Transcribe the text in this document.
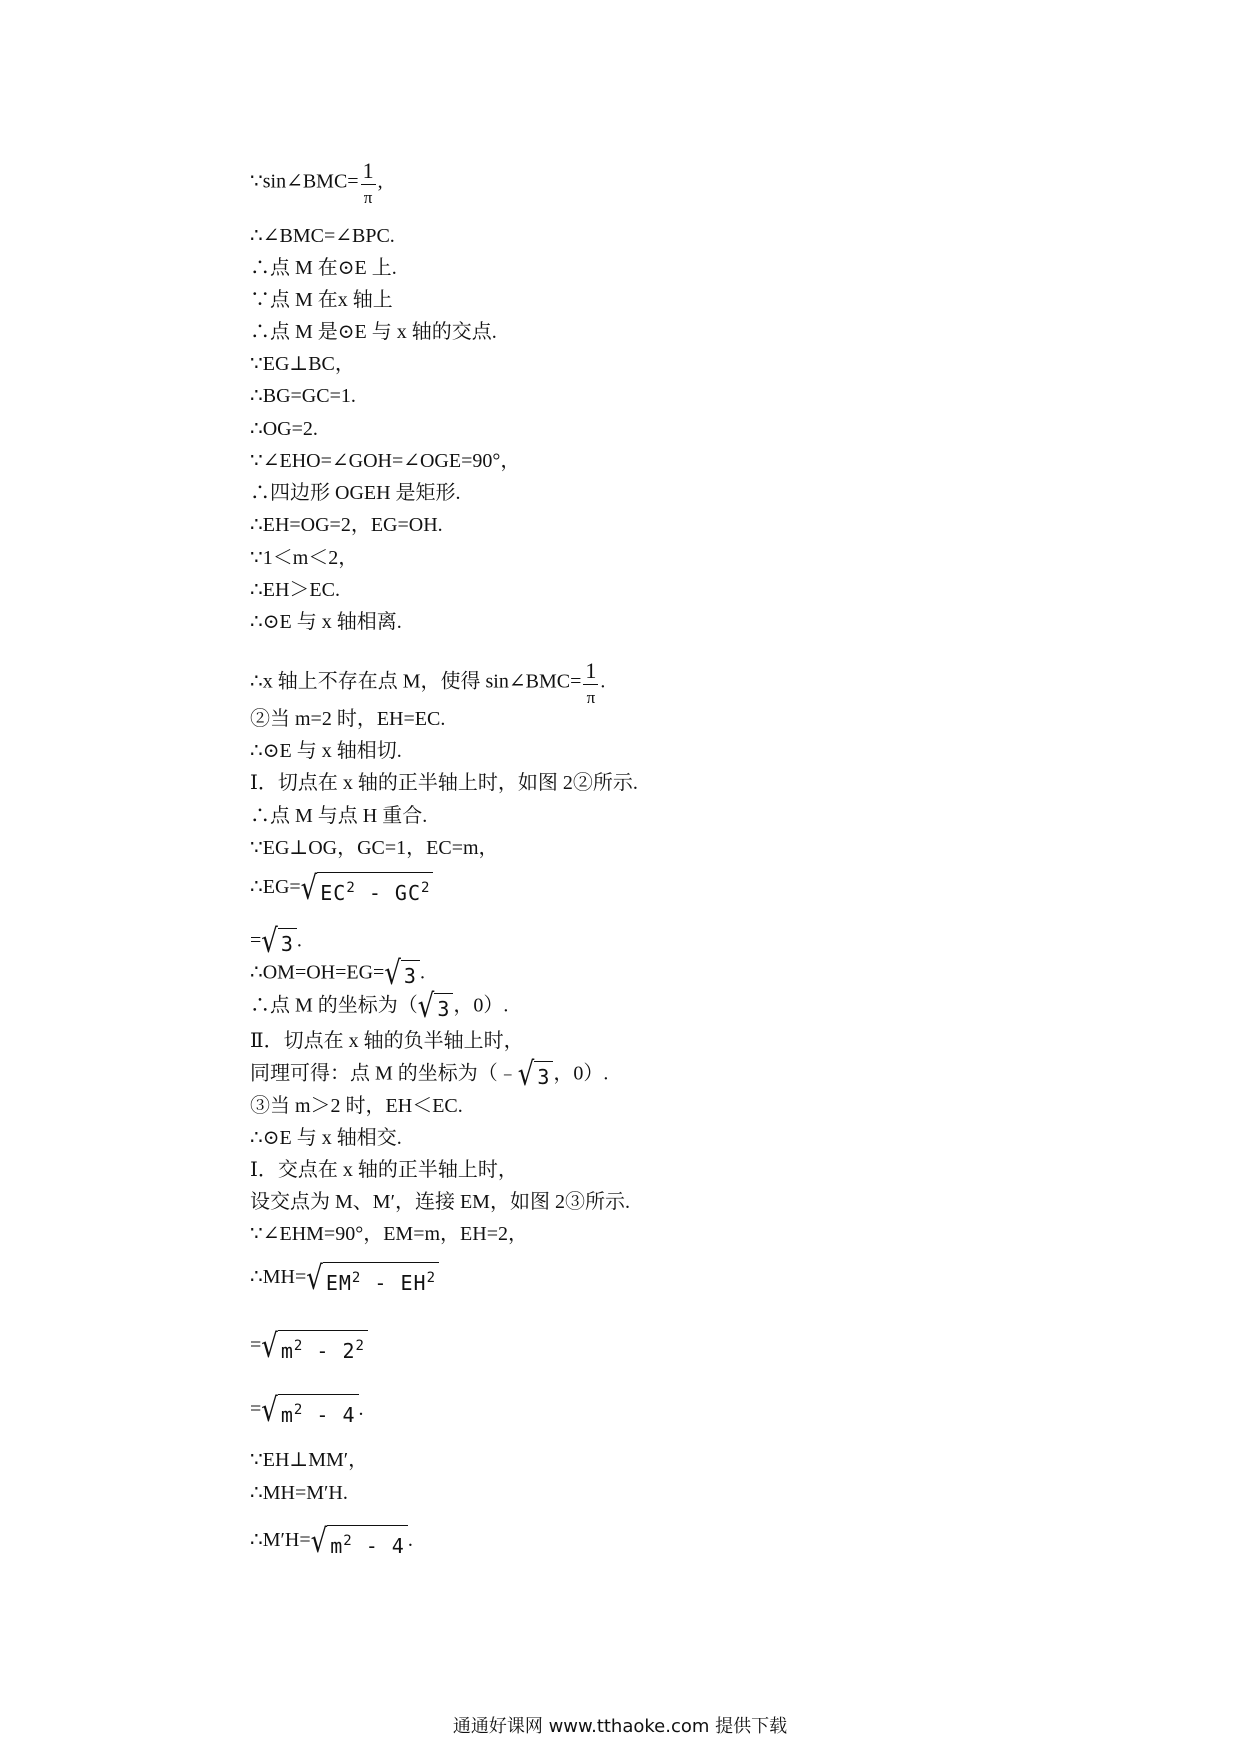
∴∠BMC=∠BPC.
∴点 M 在⊙E 上.
∵点 M 在x 轴上
∴点 M 是⊙E 与 x 轴的交点.
∵EG⊥BC，
∴BG=GC=1.
∴OG=2.
∵∠EHO=∠GOH=∠OGE=90°，
∴四边形 OGEH 是矩形.
∴EH=OG=2，EG=OH.
∵1＜m＜2，
∴EH＞EC.
∴⊙E 与 x 轴相离.
②当 m=2 时，EH=EC.
∴⊙E 与 x 轴相切.
Ⅰ．切点在 x 轴的正半轴上时，如图 2②所示.
∴点 M 与点 H 重合.
∵EG⊥OG，GC=1，EC=m，
Ⅱ．切点在 x 轴的负半轴上时，
③当 m＞2 时，EH＜EC.
∴⊙E 与 x 轴相交.
Ⅰ．交点在 x 轴的正半轴上时，
设交点为 M、M′，连接 EM，如图 2③所示.
∵∠EHM=90°，EM=m，EH=2，
∵EH⊥MM′，
∴MH=M′H.
∵sin∠BMC= $\frac{1}{\pi}$ ,
∴x 轴上不存在点 M，使得 sin∠BMC= $\frac{1}{\pi}$ .
∴EG=√ $EC^2 - GC^2$
=√ 3 .
∴OM=OH=EG=√ 3 .
∴点 M 的坐标为（√ 3 ，0）.
同理可得：点 M 的坐标为（﹣√ 3 ，0）.
∴MH=√ $EM^2 - EH^2$
=√ $m^2 - 2^2$
=√ $m^2 - 4$ .
∴M′H=√ $m^2 - 4$ .
通通好课网 www.tthaoke.com 提供下载
